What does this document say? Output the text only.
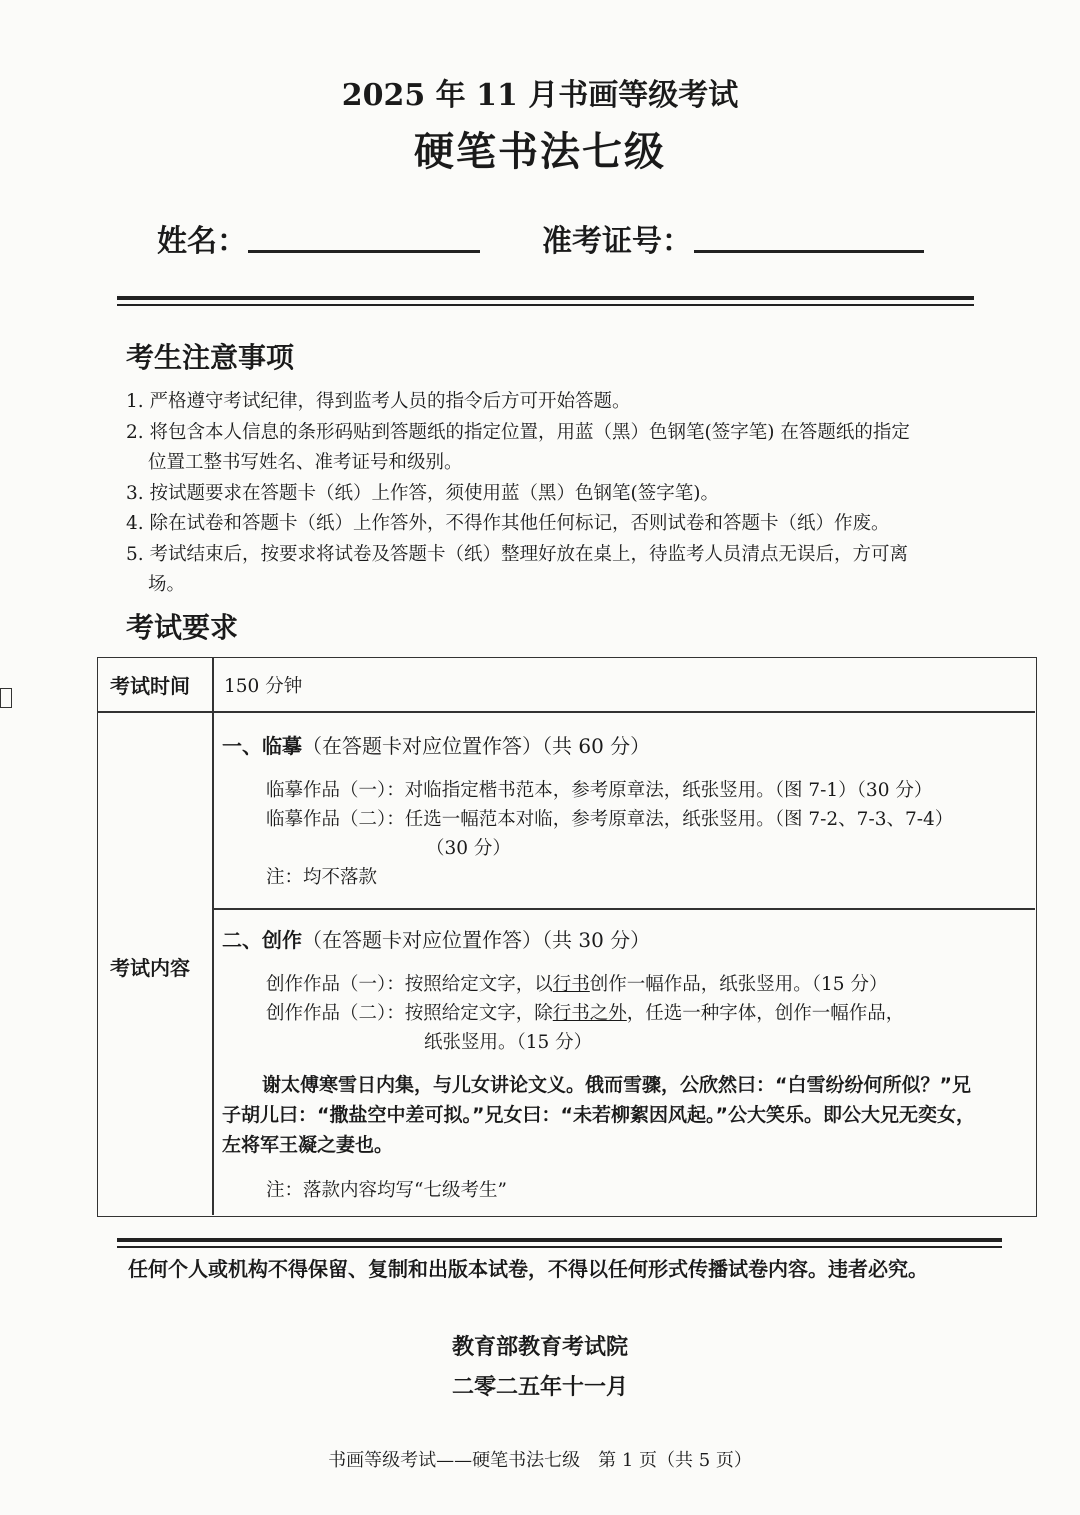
2025 年 11 月书画等级考试
硬笔书法七级
姓名：	准考证号：
考生注意事项
1. 严格遵守考试纪律，得到监考人员的指令后方可开始答题。
2. 将包含本人信息的条形码贴到答题纸的指定位置，用蓝（黑）色钢笔(签字笔) 在答题纸的指定
位置工整书写姓名、准考证号和级别。
3. 按试题要求在答题卡（纸）上作答，须使用蓝（黑）色钢笔(签字笔)。
4. 除在试卷和答题卡（纸）上作答外，不得作其他任何标记，否则试卷和答题卡（纸）作废。
5. 考试结束后，按要求将试卷及答题卡（纸）整理好放在桌上，待监考人员清点无误后，方可离
场。
考试要求
考试时间 150 分钟
考试内容
一、临摹（在答题卡对应位置作答）（共 60 分）
临摹作品（一）：对临指定楷书范本，参考原章法，纸张竖用。（图 7-1）（30 分）
临摹作品（二）：任选一幅范本对临，参考原章法，纸张竖用。（图 7-2、7-3、7-4）
（30 分）
注：均不落款
二、创作（在答题卡对应位置作答）（共 30 分）
创作作品（一）：按照给定文字，以行书创作一幅作品，纸张竖用。（15 分）
创作作品（二）：按照给定文字，除行书之外，任选一种字体，创作一幅作品，
纸张竖用。（15 分）
注：落款内容均写“七级考生”
谢太傅寒雪日内集，与儿女讲论文义。俄而雪骤，公欣然曰：“白雪纷纷何所似？”兄
子胡儿曰：“撒盐空中差可拟。”兄女曰：“未若柳絮因风起。”公大笑乐。即公大兄无奕女，
左将军王凝之妻也。
任何个人或机构不得保留、复制和出版本试卷，不得以任何形式传播试卷内容。违者必究。
教育部教育考试院
二零二五年十一月
书画等级考试——硬笔书法七级　第 1 页（共 5 页）
